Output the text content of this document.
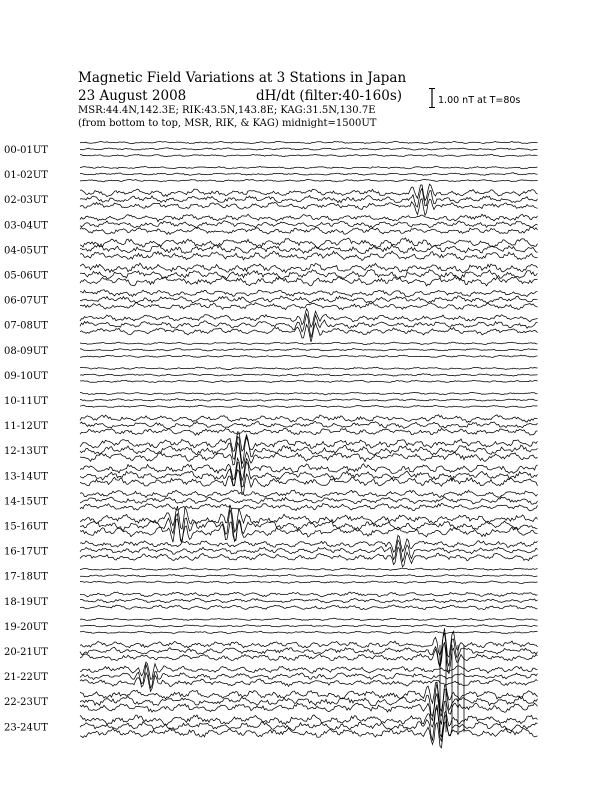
Magnetic Field Variations at 3 Stations in Japan
23 August 2008	dH/dt (filter:40-160s)
MSR:44.4N,142.3E; RIK:43.5N,143.8E; KAG:31.5N,130.7E
(from bottom to top, MSR, RIK, & KAG) midnight=1500UT
1.00 nT at T=80s
00-01UT
01-02UT
02-03UT
03-04UT
04-05UT
05-06UT
06-07UT
07-08UT
08-09UT
09-10UT
10-11UT
11-12UT
12-13UT
13-14UT
14-15UT
15-16UT
16-17UT
17-18UT
18-19UT
19-20UT
20-21UT
21-22UT
22-23UT
23-24UT
